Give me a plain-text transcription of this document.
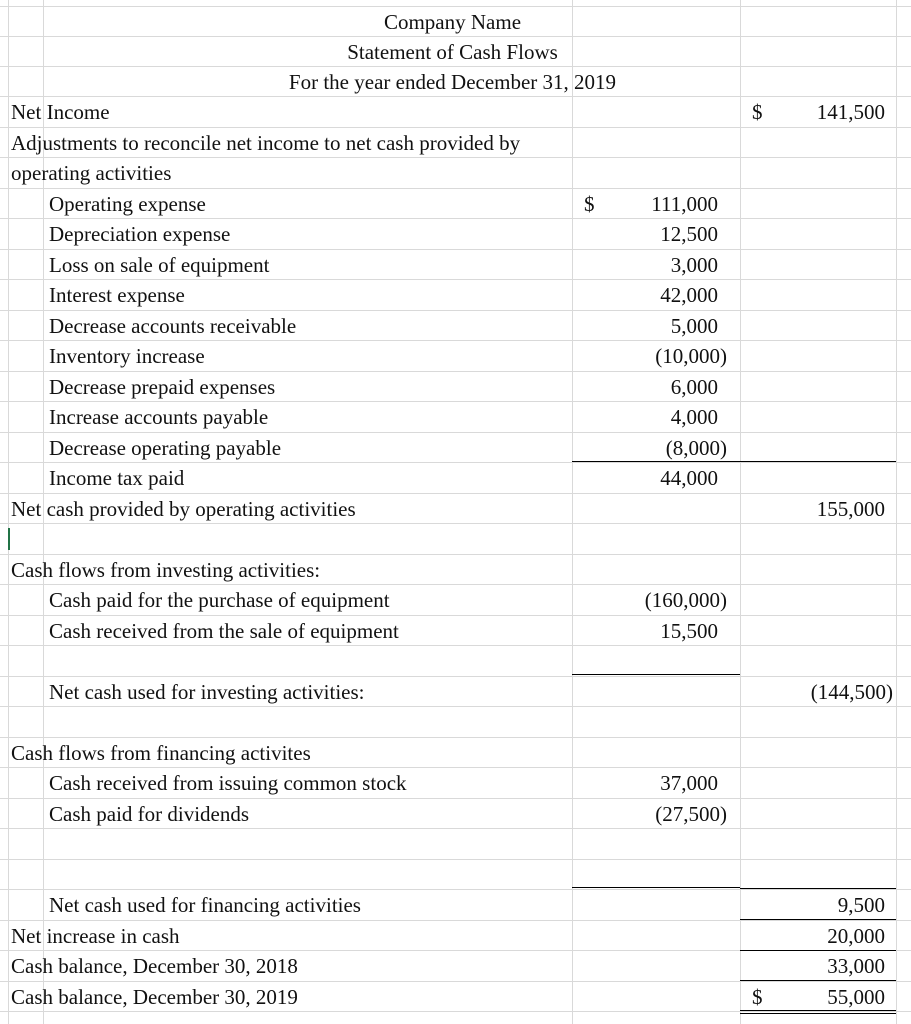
Company Name
Statement of Cash Flows
For the year ended December 31, 2019
Net Income	$	141,500
Adjustments to reconcile net income to net cash provided by
operating activities
Operating expense	$	111,000
Depreciation expense	12,500
Loss on sale of equipment	3,000
Interest expense	42,000
Decrease accounts receivable	5,000
Inventory increase	(10,000)
Decrease prepaid expenses	6,000
Increase accounts payable	4,000
Decrease operating payable	(8,000)
Income tax paid	44,000
Net cash provided by operating activities	155,000
Cash flows from investing activities:
Cash paid for the purchase of equipment	(160,000)
Cash received from the sale of equipment	15,500
Net cash used for investing activities:	(144,500)
Cash flows from financing activites
Cash received from issuing common stock	37,000
Cash paid for dividends	(27,500)
Net cash used for financing activities	9,500
Net increase in cash	20,000
Cash balance, December 30, 2018	33,000
Cash balance, December 30, 2019	$	55,000
